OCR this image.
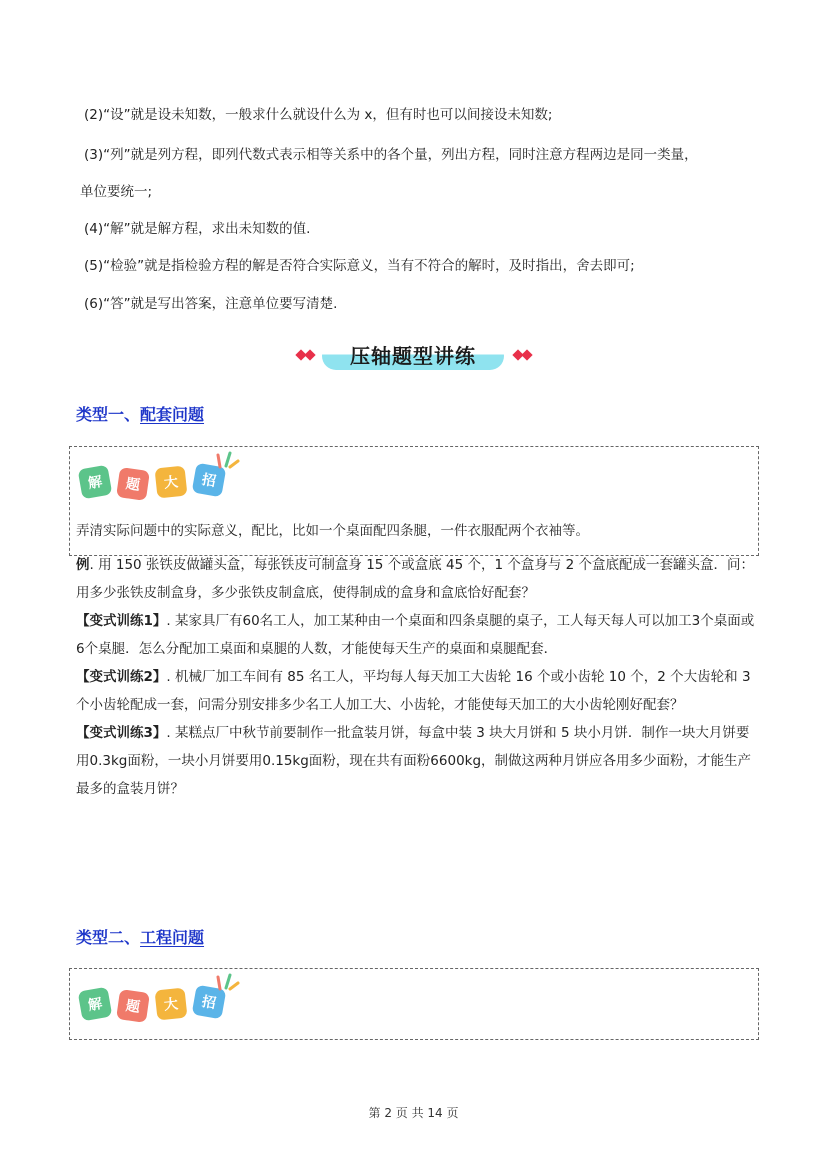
(2)“设”就是设未知数，一般求什么就设什么为 x，但有时也可以间接设未知数;
(3)“列”就是列方程，即列代数式表示相等关系中的各个量，列出方程，同时注意方程两边是同一类量，
单位要统一;
(4)“解”就是解方程，求出未知数的值.
(5)“检验”就是指检验方程的解是否符合实际意义，当有不符合的解时，及时指出，舍去即可;
(6)“答”就是写出答案，注意单位要写清楚.
压轴题型讲练
类型一、配套问题
解	题	大	招
弄清实际问题中的实际意义，配比，比如一个桌面配四条腿，一件衣服配两个衣袖等。

例. 用 150 张铁皮做罐头盒，每张铁皮可制盒身 15 个或盒底 45 个，1 个盒身与 2 个盒底配成一套罐头盒．问：用多少张铁皮制盒身，多少张铁皮制盒底，使得制成的盒身和盒底恰好配套？

【变式训练1】. 某家具厂有60名工人，加工某种由一个桌面和四条桌腿的桌子，工人每天每人可以加工3个桌面或6个桌腿．怎么分配加工桌面和桌腿的人数，才能使每天生产的桌面和桌腿配套．

【变式训练2】. 机械厂加工车间有 85 名工人，平均每人每天加工大齿轮 16 个或小齿轮 10 个，2 个大齿轮和 3 个小齿轮配成一套，问需分别安排多少名工人加工大、小齿轮，才能使每天加工的大小齿轮刚好配套？

【变式训练3】. 某糕点厂中秋节前要制作一批盒装月饼，每盒中装 3 块大月饼和 5 块小月饼．制作一块大月饼要用0.3kg面粉，一块小月饼要用0.15kg面粉，现在共有面粉6600kg，制做这两种月饼应各用多少面粉，才能生产最多的盒装月饼？

类型二、工程问题
解	题	大	招
第 2 页 共 14 页
